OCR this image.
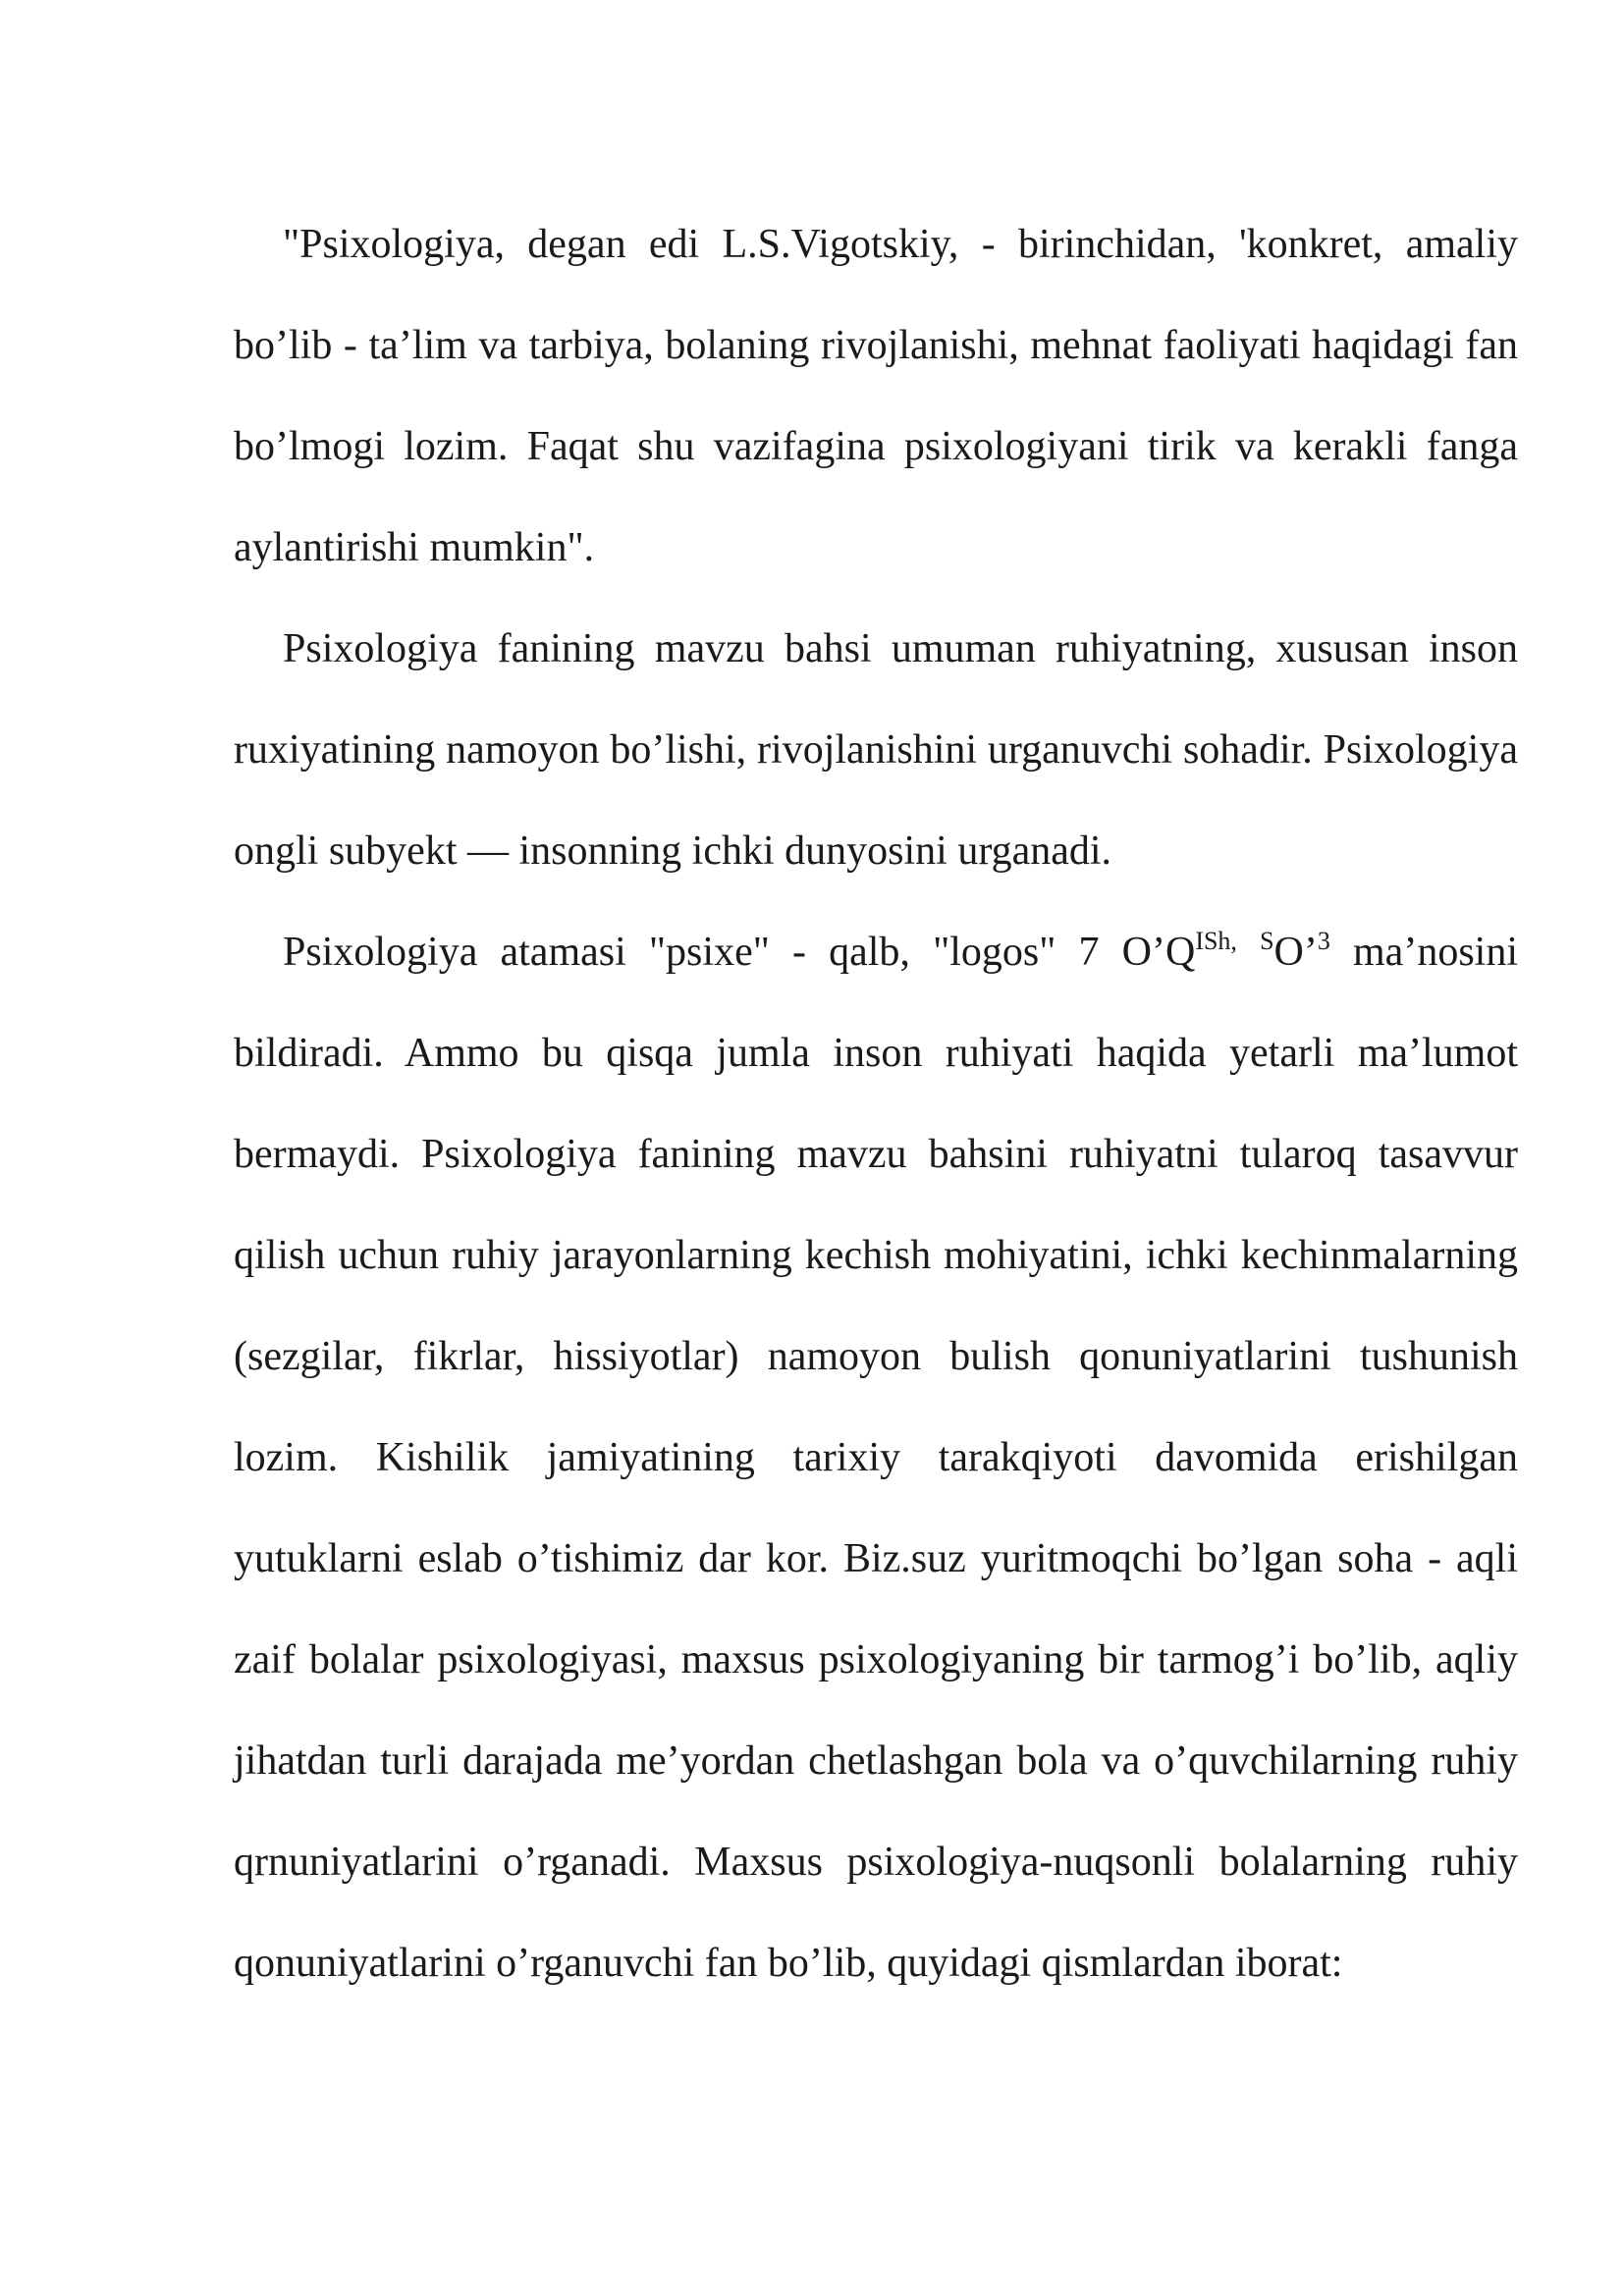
"Psixologiya, degan edi L.S.Vigotskiy, - birinchidan, 'konkret, amaliy bo’lib - ta’lim va tarbiya, bolaning rivojlanishi, mehnat faoliyati haqidagi fan bo’lmogi lozim. Faqat shu vazifagina psixologiyani tirik va kerakli fanga aylantirishi mumkin".

Psixologiya fanining mavzu bahsi umuman ruhiyatning, xususan inson ruxiyatining namoyon bo’lishi, rivojlanishini urganuvchi sohadir. Psixologiya ongli subyekt — insonning ichki dunyosini urganadi.

Psixologiya atamasi "psixe" - qalb, "logos" 7 $O’Q^{ISh,}$ $^S$O’$^3$ ma’nosini bildiradi. Ammo bu qisqa jumla inson ruhiyati haqida yetarli ma’lumot bermaydi. Psixologiya fanining mavzu bahsini ruhiyatni tularoq tasavvur qilish uchun ruhiy jarayonlarning kechish mohiyatini, ichki kechinmalarning (sezgilar, fikrlar, hissiyotlar) namoyon bulish qonuniyatlarini tushunish lozim. Kishilik jamiyatining tarixiy tarakqiyoti davomida erishilgan yutuklarni eslab o’tishimiz dar kor. Biz.suz yuritmoqchi bo’lgan soha - aqli zaif bolalar psixologiyasi, maxsus psixologiyaning bir tarmog’i bo’lib, aqliy jihatdan turli darajada me’yordan chetlashgan bola va o’quvchilarning ruhiy qrnuniyatlarini o’rganadi. Maxsus psixologiya-nuqsonli bolalarning ruhiy qonuniyatlarini o’rganuvchi fan bo’lib, quyidagi qismlardan iborat:
